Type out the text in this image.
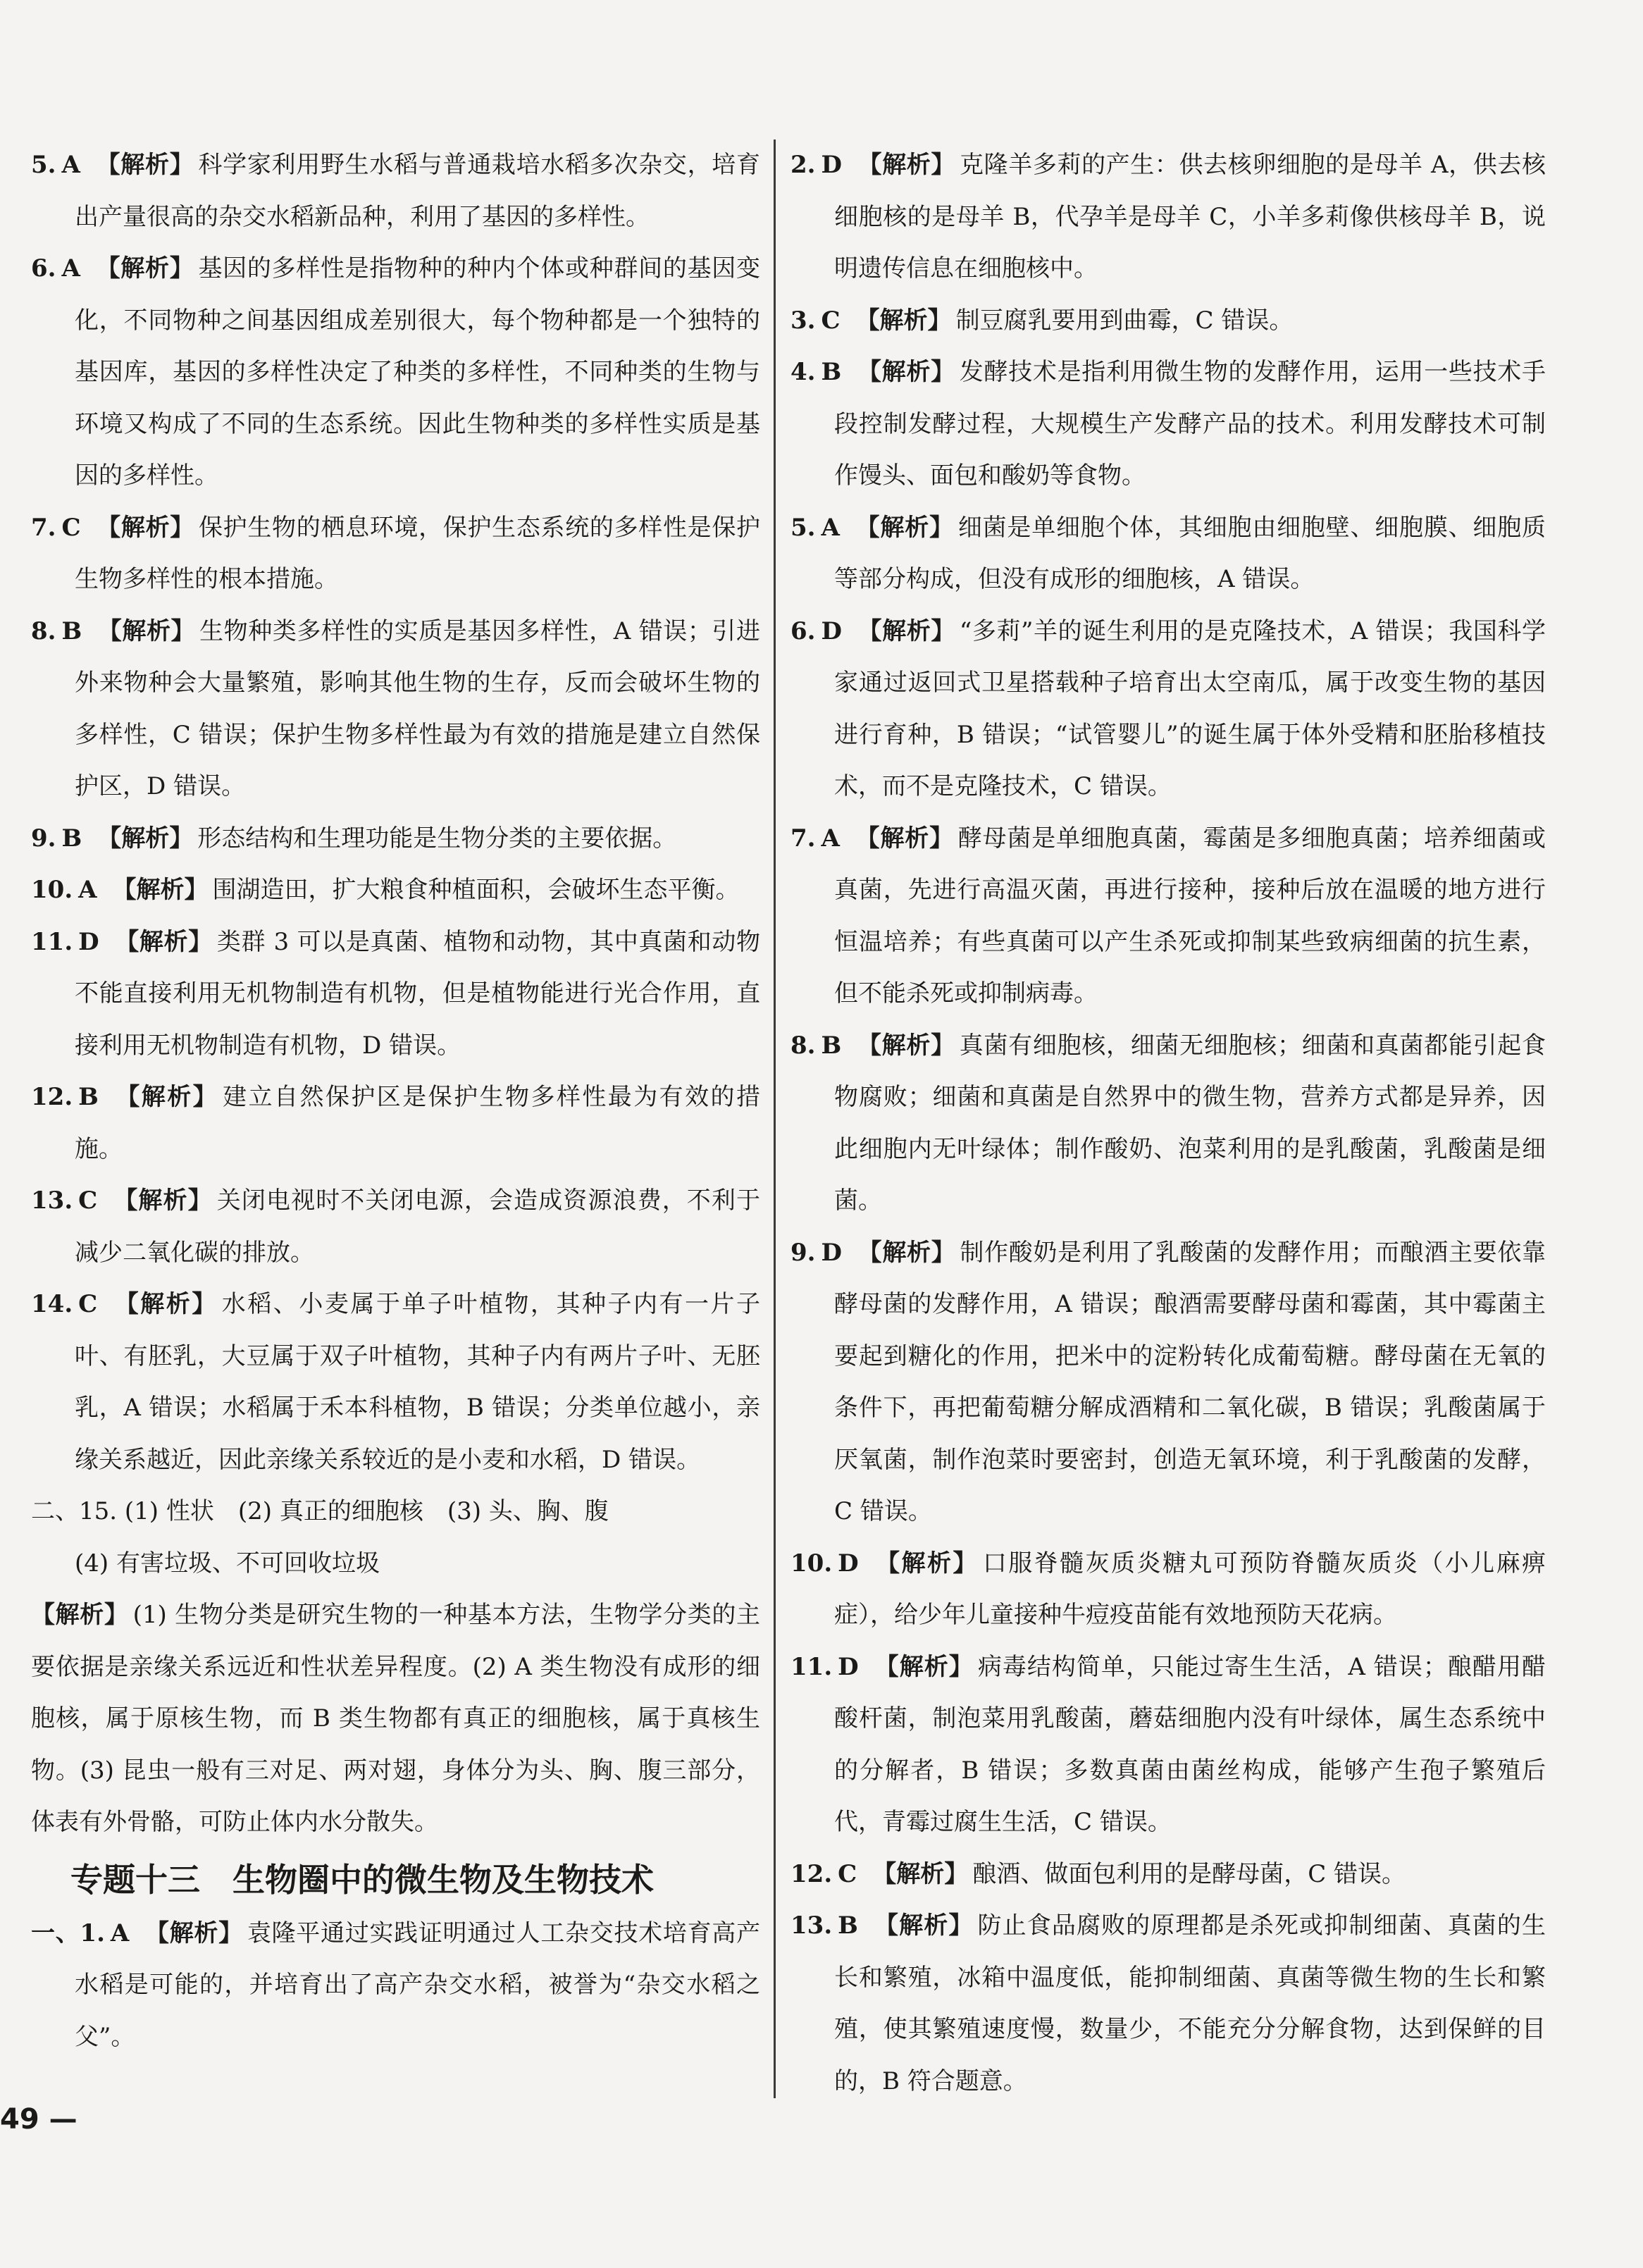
5. A 【解析】 科学家利用野生水稻与普通栽培水稻多次杂交，培育出产量很高的杂交水稻新品种，利用了基因的多样性。

6. A 【解析】 基因的多样性是指物种的种内个体或种群间的基因变化，不同物种之间基因组成差别很大，每个物种都是一个独特的基因库，基因的多样性决定了种类的多样性，不同种类的生物与环境又构成了不同的生态系统。因此生物种类的多样性实质是基因的多样性。

7. C 【解析】 保护生物的栖息环境，保护生态系统的多样性是保护生物多样性的根本措施。

8. B 【解析】 生物种类多样性的实质是基因多样性，A 错误；引进外来物种会大量繁殖，影响其他生物的生存，反而会破坏生物的多样性，C 错误；保护生物多样性最为有效的措施是建立自然保护区，D 错误。

9. B 【解析】 形态结构和生理功能是生物分类的主要依据。

10. A 【解析】 围湖造田，扩大粮食种植面积，会破坏生态平衡。

11. D 【解析】 类群 3 可以是真菌、植物和动物，其中真菌和动物不能直接利用无机物制造有机物，但是植物能进行光合作用，直接利用无机物制造有机物，D 错误。

12. B 【解析】 建立自然保护区是保护生物多样性最为有效的措施。

13. C 【解析】 关闭电视时不关闭电源，会造成资源浪费，不利于减少二氧化碳的排放。

14. C 【解析】 水稻、小麦属于单子叶植物，其种子内有一片子叶、有胚乳，大豆属于双子叶植物，其种子内有两片子叶、无胚乳，A 错误；水稻属于禾本科植物，B 错误；分类单位越小，亲缘关系越近，因此亲缘关系较近的是小麦和水稻，D 错误。

二、15. (1) 性状　(2) 真正的细胞核　(3) 头、胸、腹

(4) 有害垃圾、不可回收垃圾

【解析】 (1) 生物分类是研究生物的一种基本方法，生物学分类的主要依据是亲缘关系远近和性状差异程度。(2) A 类生物没有成形的细胞核，属于原核生物，而 B 类生物都有真正的细胞核，属于真核生物。(3) 昆虫一般有三对足、两对翅，身体分为头、胸、腹三部分，体表有外骨骼，可防止体内水分散失。

专题十三　生物圈中的微生物及生物技术

一、1. A 【解析】 袁隆平通过实践证明通过人工杂交技术培育高产水稻是可能的，并培育出了高产杂交水稻，被誉为“杂交水稻之父”。

2. D 【解析】 克隆羊多莉的产生：供去核卵细胞的是母羊 A，供去核细胞核的是母羊 B，代孕羊是母羊 C，小羊多莉像供核母羊 B，说明遗传信息在细胞核中。

3. C 【解析】 制豆腐乳要用到曲霉，C 错误。

4. B 【解析】 发酵技术是指利用微生物的发酵作用，运用一些技术手段控制发酵过程，大规模生产发酵产品的技术。利用发酵技术可制作馒头、面包和酸奶等食物。

5. A 【解析】 细菌是单细胞个体，其细胞由细胞壁、细胞膜、细胞质等部分构成，但没有成形的细胞核，A 错误。

6. D 【解析】 “多莉”羊的诞生利用的是克隆技术，A 错误；我国科学家通过返回式卫星搭载种子培育出太空南瓜，属于改变生物的基因进行育种，B 错误；“试管婴儿”的诞生属于体外受精和胚胎移植技术，而不是克隆技术，C 错误。

7. A 【解析】 酵母菌是单细胞真菌，霉菌是多细胞真菌；培养细菌或真菌，先进行高温灭菌，再进行接种，接种后放在温暖的地方进行恒温培养；有些真菌可以产生杀死或抑制某些致病细菌的抗生素，但不能杀死或抑制病毒。

8. B 【解析】 真菌有细胞核，细菌无细胞核；细菌和真菌都能引起食物腐败；细菌和真菌是自然界中的微生物，营养方式都是异养，因此细胞内无叶绿体；制作酸奶、泡菜利用的是乳酸菌，乳酸菌是细菌。

9. D 【解析】 制作酸奶是利用了乳酸菌的发酵作用；而酿酒主要依靠酵母菌的发酵作用，A 错误；酿酒需要酵母菌和霉菌，其中霉菌主要起到糖化的作用，把米中的淀粉转化成葡萄糖。酵母菌在无氧的条件下，再把葡萄糖分解成酒精和二氧化碳，B 错误；乳酸菌属于厌氧菌，制作泡菜时要密封，创造无氧环境，利于乳酸菌的发酵，C 错误。

10. D 【解析】 口服脊髓灰质炎糖丸可预防脊髓灰质炎（小儿麻痹症），给少年儿童接种牛痘疫苗能有效地预防天花病。

11. D 【解析】 病毒结构简单，只能过寄生生活，A 错误；酿醋用醋酸杆菌，制泡菜用乳酸菌，蘑菇细胞内没有叶绿体，属生态系统中的分解者，B 错误；多数真菌由菌丝构成，能够产生孢子繁殖后代，青霉过腐生生活，C 错误。

12. C 【解析】 酿酒、做面包利用的是酵母菌，C 错误。

13. B 【解析】 防止食品腐败的原理都是杀死或抑制细菌、真菌的生长和繁殖，冰箱中温度低，能抑制细菌、真菌等微生物的生长和繁殖，使其繁殖速度慢，数量少，不能充分分解食物，达到保鲜的目的，B 符合题意。

49 —
